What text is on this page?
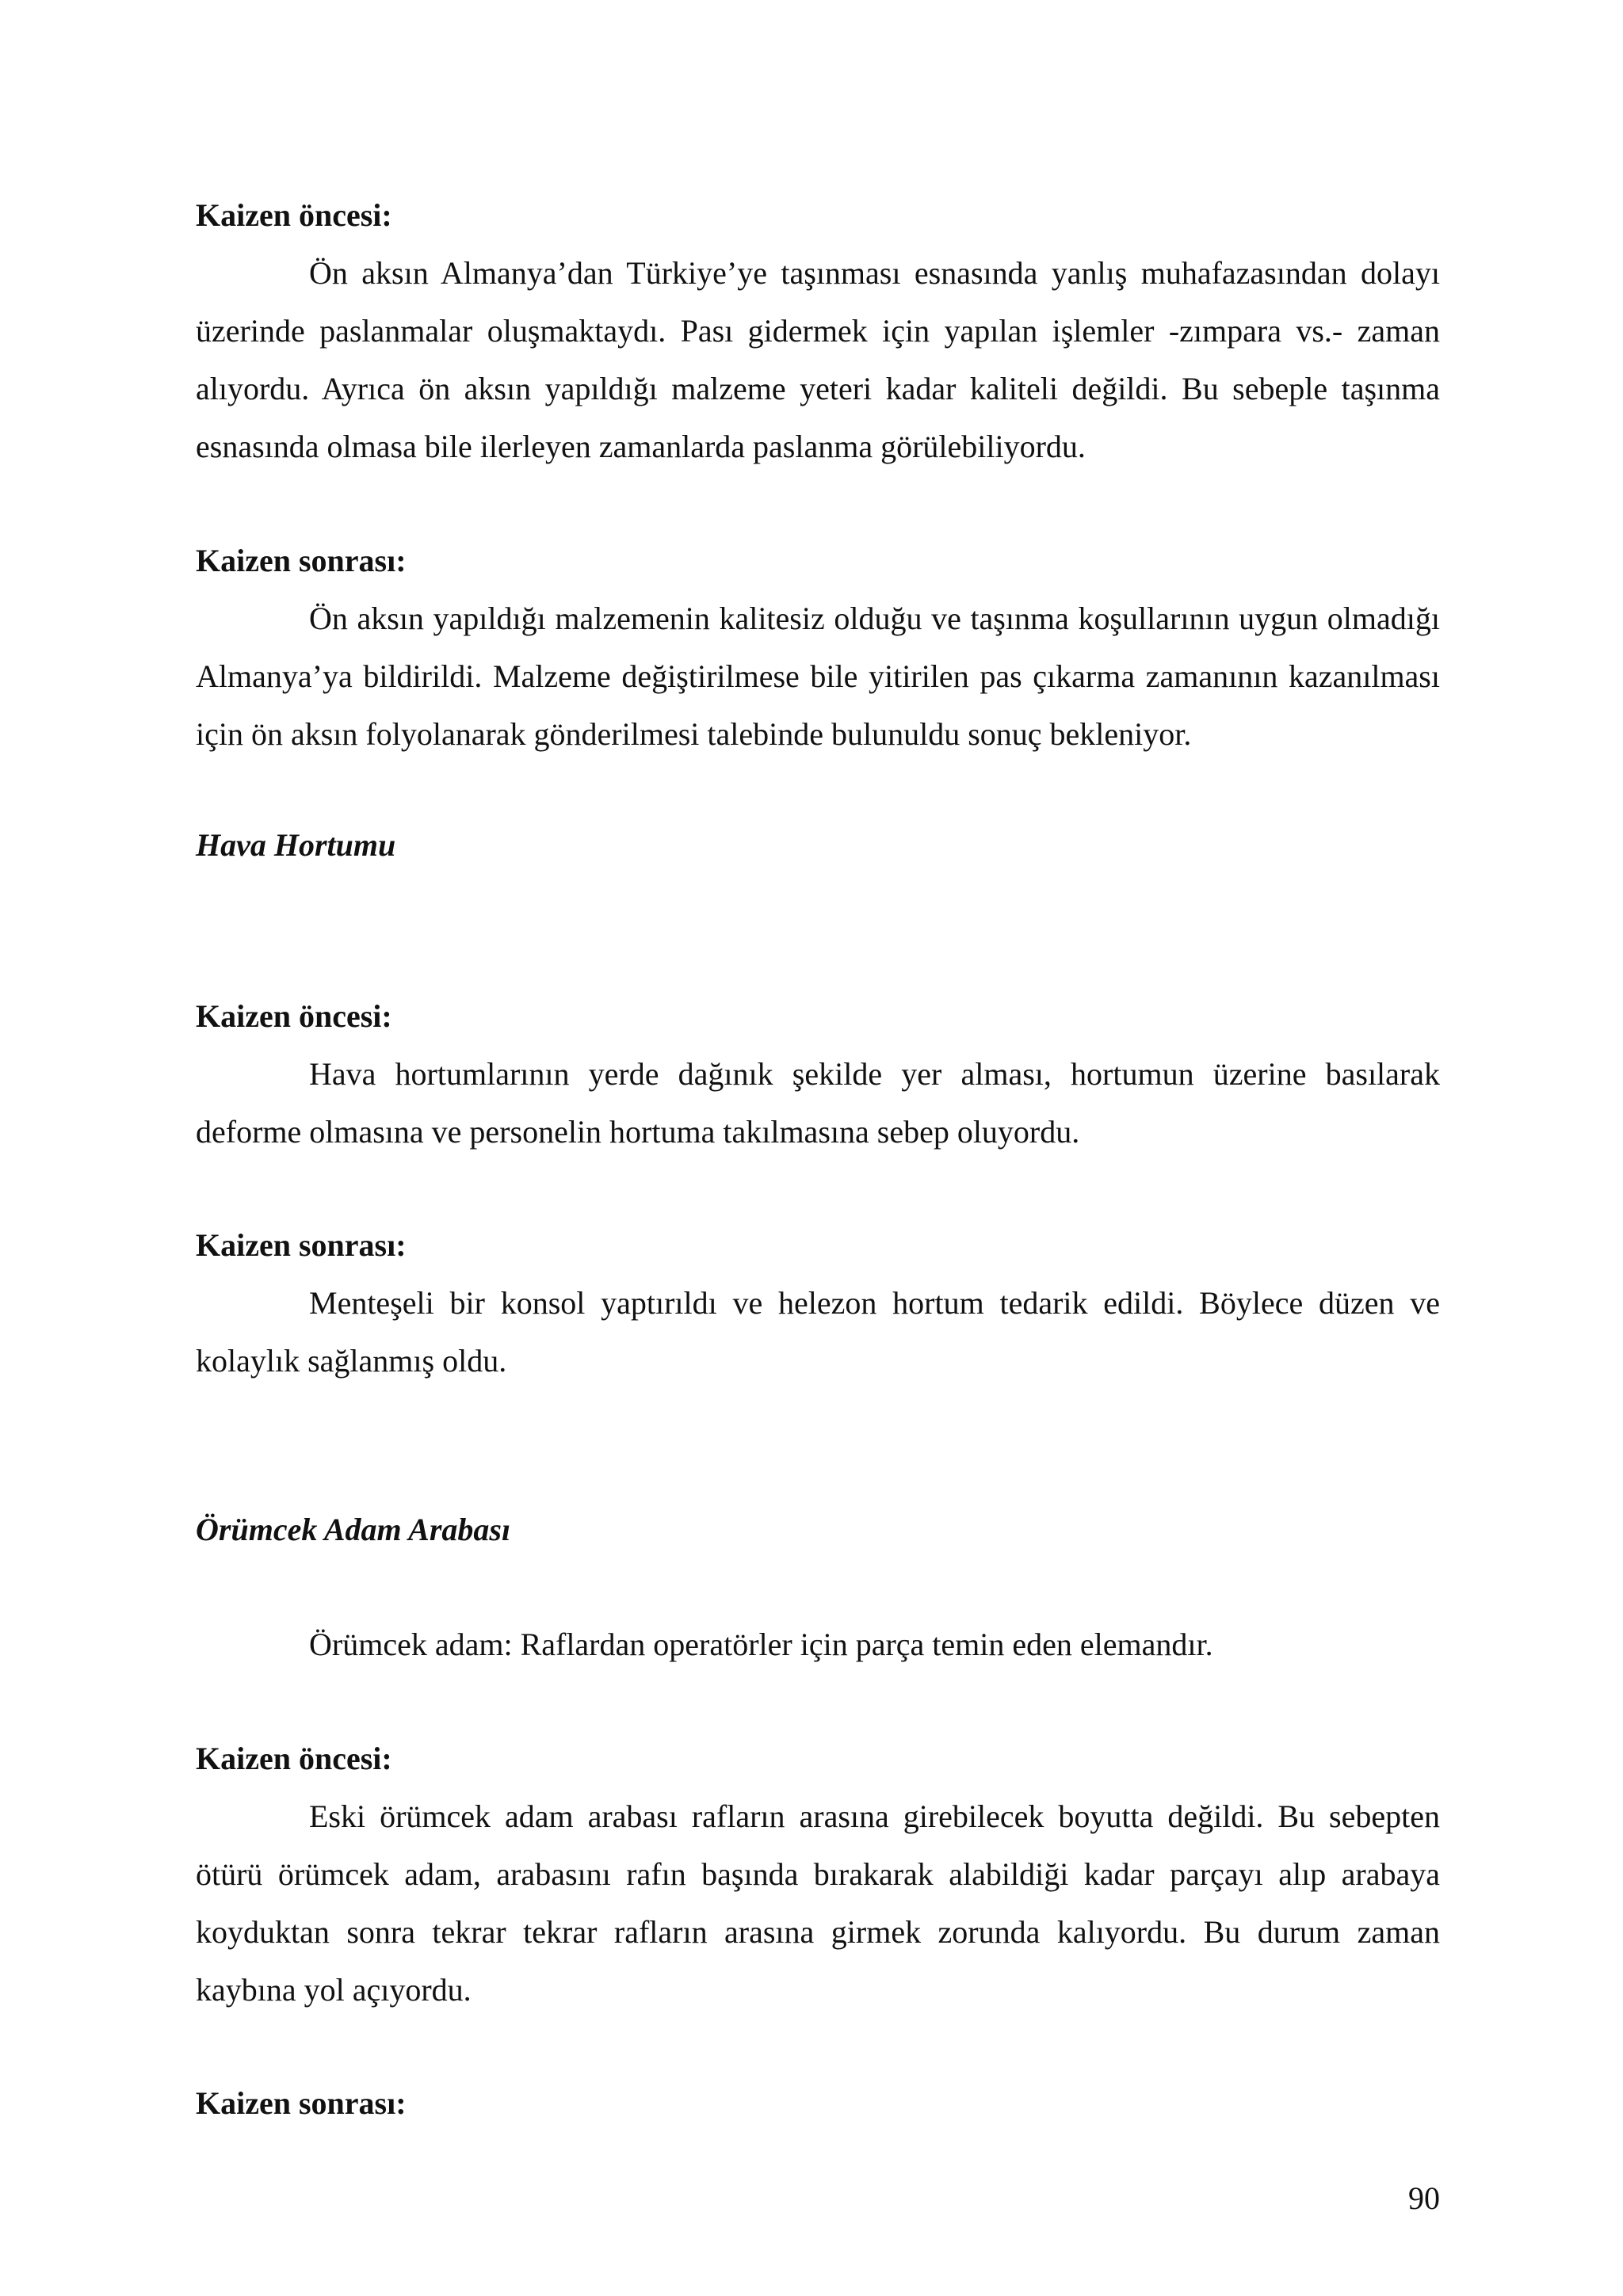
Kaizen öncesi:

Ön aksın Almanya’dan Türkiye’ye taşınması esnasında yanlış muhafazasından dolayı üzerinde paslanmalar oluşmaktaydı. Pası gidermek için yapılan işlemler -zımpara vs.- zaman alıyordu. Ayrıca ön aksın yapıldığı malzeme yeteri kadar kaliteli değildi. Bu sebeple taşınma esnasında olmasa bile ilerleyen zamanlarda paslanma görülebiliyordu.

Kaizen sonrası:

Ön aksın yapıldığı malzemenin kalitesiz olduğu ve taşınma koşullarının uygun olmadığı Almanya’ya bildirildi. Malzeme değiştirilmese bile yitirilen pas çıkarma zamanının kazanılması için ön aksın folyolanarak gönderilmesi talebinde bulunuldu sonuç bekleniyor.

Hava Hortumu
Kaizen öncesi:

Hava hortumlarının yerde dağınık şekilde yer alması, hortumun üzerine basılarak deforme olmasına ve personelin hortuma takılmasına sebep oluyordu.

Kaizen sonrası:

Menteşeli bir konsol yaptırıldı ve helezon hortum tedarik edildi. Böylece düzen ve kolaylık sağlanmış oldu.

Örümcek Adam Arabası

Örümcek adam: Raflardan operatörler için parça temin eden elemandır.

Kaizen öncesi:

Eski örümcek adam arabası rafların arasına girebilecek boyutta değildi. Bu sebepten ötürü örümcek adam, arabasını rafın başında bırakarak alabildiği kadar parçayı alıp arabaya koyduktan sonra tekrar tekrar rafların arasına girmek zorunda kalıyordu. Bu durum zaman kaybına yol açıyordu.

Kaizen sonrası:
90
